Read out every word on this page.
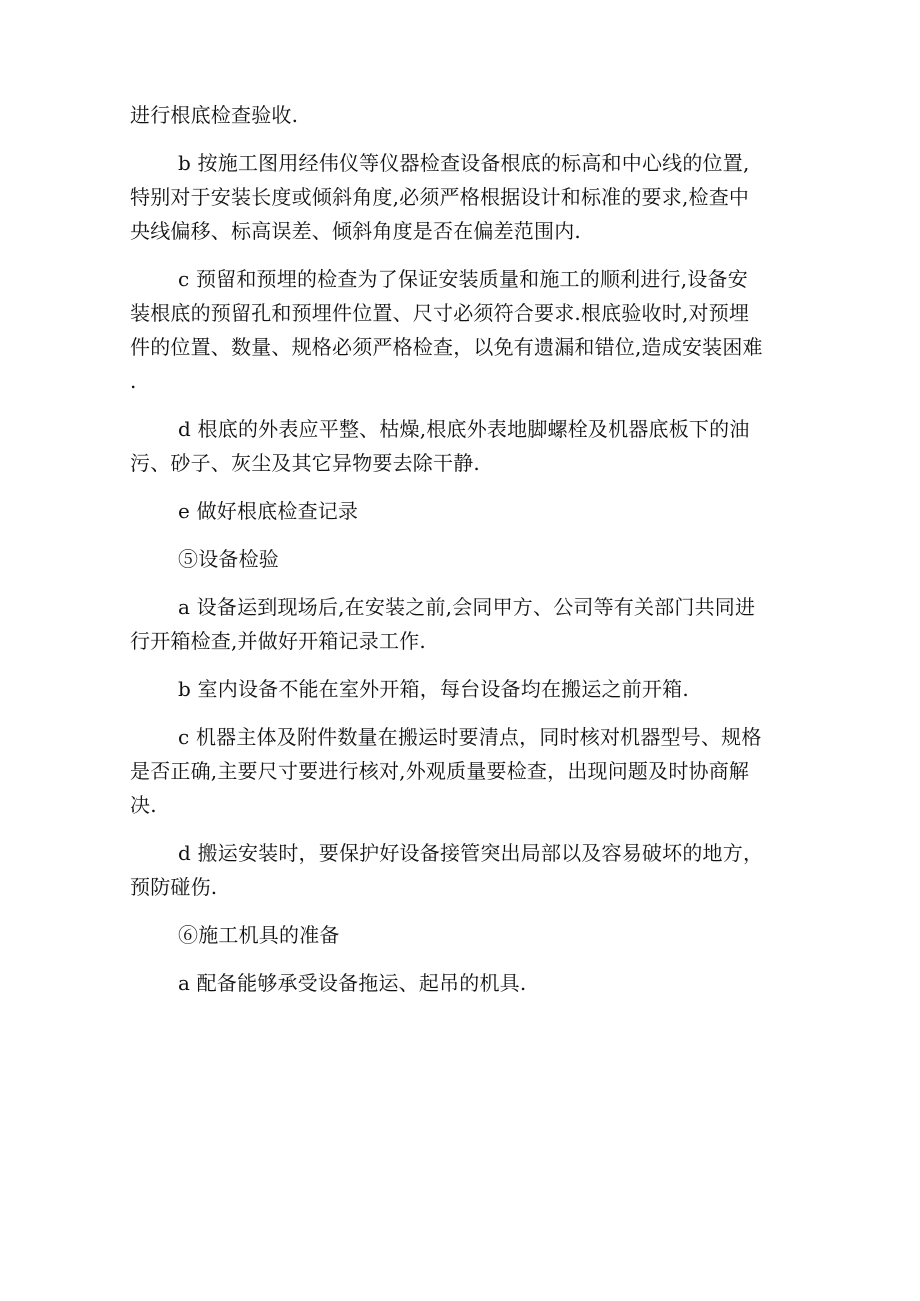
进行根底检查验收.

b 按施工图用经伟仪等仪器检查设备根底的标高和中心线的位置,
特别对于安装长度或倾斜角度,必须严格根据设计和标准的要求,检查中
央线偏移、标高误差、倾斜角度是否在偏差范围内.

c 预留和预埋的检查为了保证安装质量和施工的顺利进行,设备安
装根底的预留孔和预埋件位置、尺寸必须符合要求.根底验收时,对预埋
件的位置、数量、规格必须严格检查，以免有遗漏和错位,造成安装困难
.

d 根底的外表应平整、枯燥,根底外表地脚螺栓及机器底板下的油
污、砂子、灰尘及其它异物要去除干静.

e 做好根底检查记录

⑤设备检验

a 设备运到现场后,在安装之前,会同甲方、公司等有关部门共同进
行开箱检查,并做好开箱记录工作.

b 室内设备不能在室外开箱，每台设备均在搬运之前开箱.

c 机器主体及附件数量在搬运时要清点，同时核对机器型号、规格
是否正确,主要尺寸要进行核对,外观质量要检查，出现问题及时协商解
决.

d 搬运安装时，要保护好设备接管突出局部以及容易破坏的地方，
预防碰伤.

⑥施工机具的准备

a 配备能够承受设备拖运、起吊的机具.
